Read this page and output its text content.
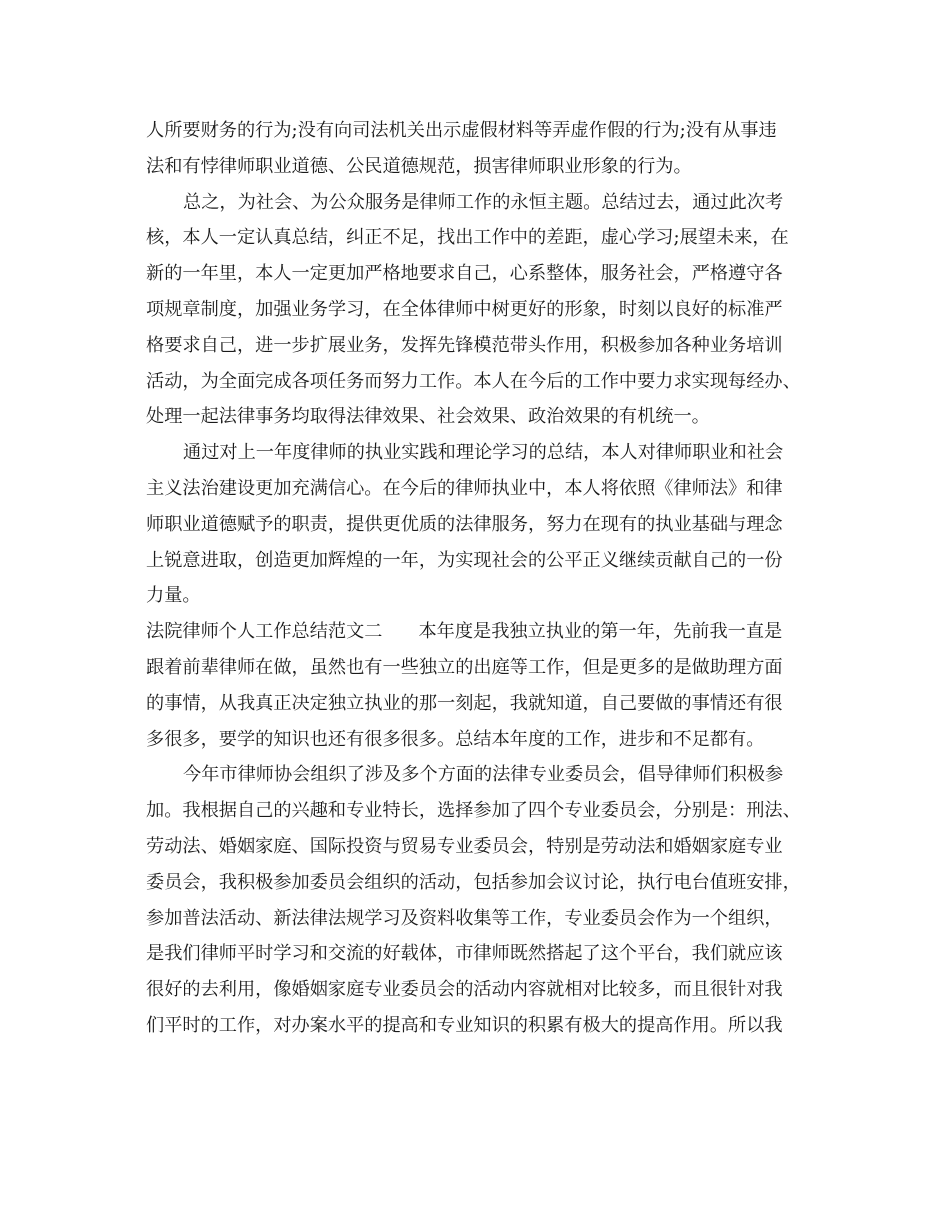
人所要财务的行为;没有向司法机关出示虚假材料等弄虚作假的行为;没有从事违
法和有悖律师职业道德、公民道德规范，损害律师职业形象的行为。
总之，为社会、为公众服务是律师工作的永恒主题。总结过去，通过此次考
核，本人一定认真总结，纠正不足，找出工作中的差距，虚心学习;展望未来，在
新的一年里，本人一定更加严格地要求自己，心系整体，服务社会，严格遵守各
项规章制度，加强业务学习，在全体律师中树更好的形象，时刻以良好的标准严
格要求自己，进一步扩展业务，发挥先锋模范带头作用，积极参加各种业务培训
活动，为全面完成各项任务而努力工作。本人在今后的工作中要力求实现每经办、
处理一起法律事务均取得法律效果、社会效果、政治效果的有机统一。
通过对上一年度律师的执业实践和理论学习的总结，本人对律师职业和社会
主义法治建设更加充满信心。在今后的律师执业中，本人将依照《律师法》和律
师职业道德赋予的职责，提供更优质的法律服务，努力在现有的执业基础与理念
上锐意进取，创造更加辉煌的一年，为实现社会的公平正义继续贡献自己的一份
力量。
法院律师个人工作总结范文二 本年度是我独立执业的第一年，先前我一直是
跟着前辈律师在做，虽然也有一些独立的出庭等工作，但是更多的是做助理方面
的事情，从我真正决定独立执业的那一刻起，我就知道，自己要做的事情还有很
多很多，要学的知识也还有很多很多。总结本年度的工作，进步和不足都有。
今年市律师协会组织了涉及多个方面的法律专业委员会，倡导律师们积极参
加。我根据自己的兴趣和专业特长，选择参加了四个专业委员会，分别是：刑法、
劳动法、婚姻家庭、国际投资与贸易专业委员会，特别是劳动法和婚姻家庭专业
委员会，我积极参加委员会组织的活动，包括参加会议讨论，执行电台值班安排，
参加普法活动、新法律法规学习及资料收集等工作，专业委员会作为一个组织，
是我们律师平时学习和交流的好载体，市律师既然搭起了这个平台，我们就应该
很好的去利用，像婚姻家庭专业委员会的活动内容就相对比较多，而且很针对我
们平时的工作，对办案水平的提高和专业知识的积累有极大的提高作用。所以我
